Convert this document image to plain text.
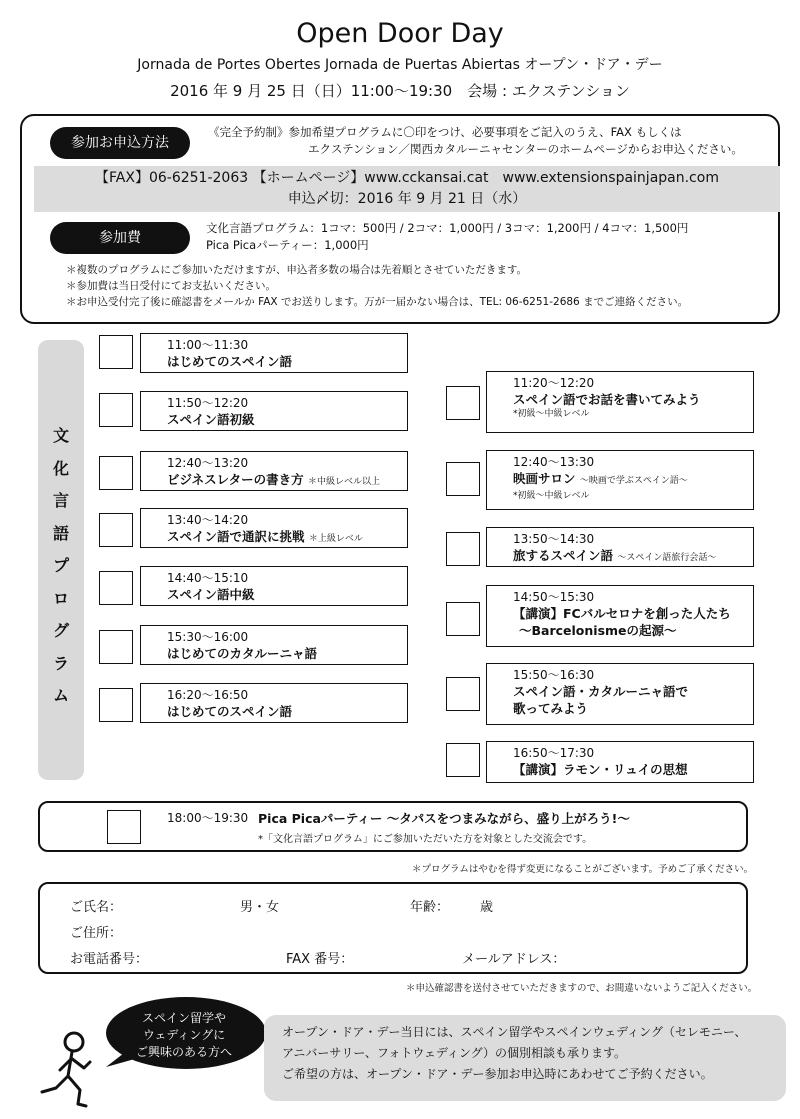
Open Door Day
Jornada de Portes Obertes Jornada de Puertas Abiertas オープン・ドア・デー
2016 年 9 月 25 日（日）11:00〜19:30　会場 : エクステンション
参加お申込方法
《完全予約制》参加希望プログラムに〇印をつけ、必要事項をご記入のうえ、FAX もしくは
エクステンション／関西カタルーニャセンターのホームページからお申込ください。
【FAX】06-6251-2063 【ホームページ】www.cckansai.cat　www.extensionspainjapan.com
申込〆切：2016 年 9 月 21 日（水）
参加費
文化言語プログラム：1コマ：500円 / 2コマ：1,000円 / 3コマ：1,200円 / 4コマ：1,500円
Pica Picaパーティー：1,000円
＊複数のプログラムにご参加いただけますが、申込者多数の場合は先着順とさせていただきます。
＊参加費は当日受付にてお支払いください。
＊お申込受付完了後に確認書をメールか FAX でお送りします。万が一届かない場合は、TEL: 06-6251-2686 までご連絡ください。
文
化
言
語
プ
ロ
グ
ラ
ム
11:00〜11:30
はじめてのスペイン語
11:50〜12:20
スペイン語初級
12:40〜13:20
ビジネスレターの書き方 ＊中級レベル以上
13:40〜14:20
スペイン語で通訳に挑戦 ＊上級レベル
14:40〜15:10
スペイン語中級
15:30〜16:00
はじめてのカタルーニャ語
16:20〜16:50
はじめてのスペイン語
11:20〜12:20
スペイン語でお話を書いてみよう
*初級〜中級レベル
12:40〜13:30
映画サロン 〜映画で学ぶスペイン語〜
*初級〜中級レベル
13:50〜14:30
旅するスペイン語 〜スペイン語旅行会話〜
14:50〜15:30
【講演】FCバルセロナを創った人たち
〜Barcelonismeの起源〜
15:50〜16:30
スペイン語・カタルーニャ語で
歌ってみよう
16:50〜17:30
【講演】ラモン・リュイの思想
18:00〜19:30 Pica Picaパーティー 〜タパスをつまみながら、盛り上がろう!〜
*「文化言語プログラム」にご参加いただいた方を対象とした交流会です。
＊プログラムはやむを得ず変更になることがございます。予めご了承ください。
ご氏名：	男・女	年齢： 歳
ご住所：
お電話番号：	FAX 番号：	メールアドレス：
＊申込確認書を送付させていただきますので、お間違いないようご記入ください。
スペイン留学や
ウェディングに
ご興味のある方へ
オープン・ドア・デー当日には、スペイン留学やスペインウェディング（セレモニー、
アニバーサリー、フォトウェディング）の個別相談も承ります。
ご希望の方は、オープン・ドア・デー参加お申込時にあわせてご予約ください。
